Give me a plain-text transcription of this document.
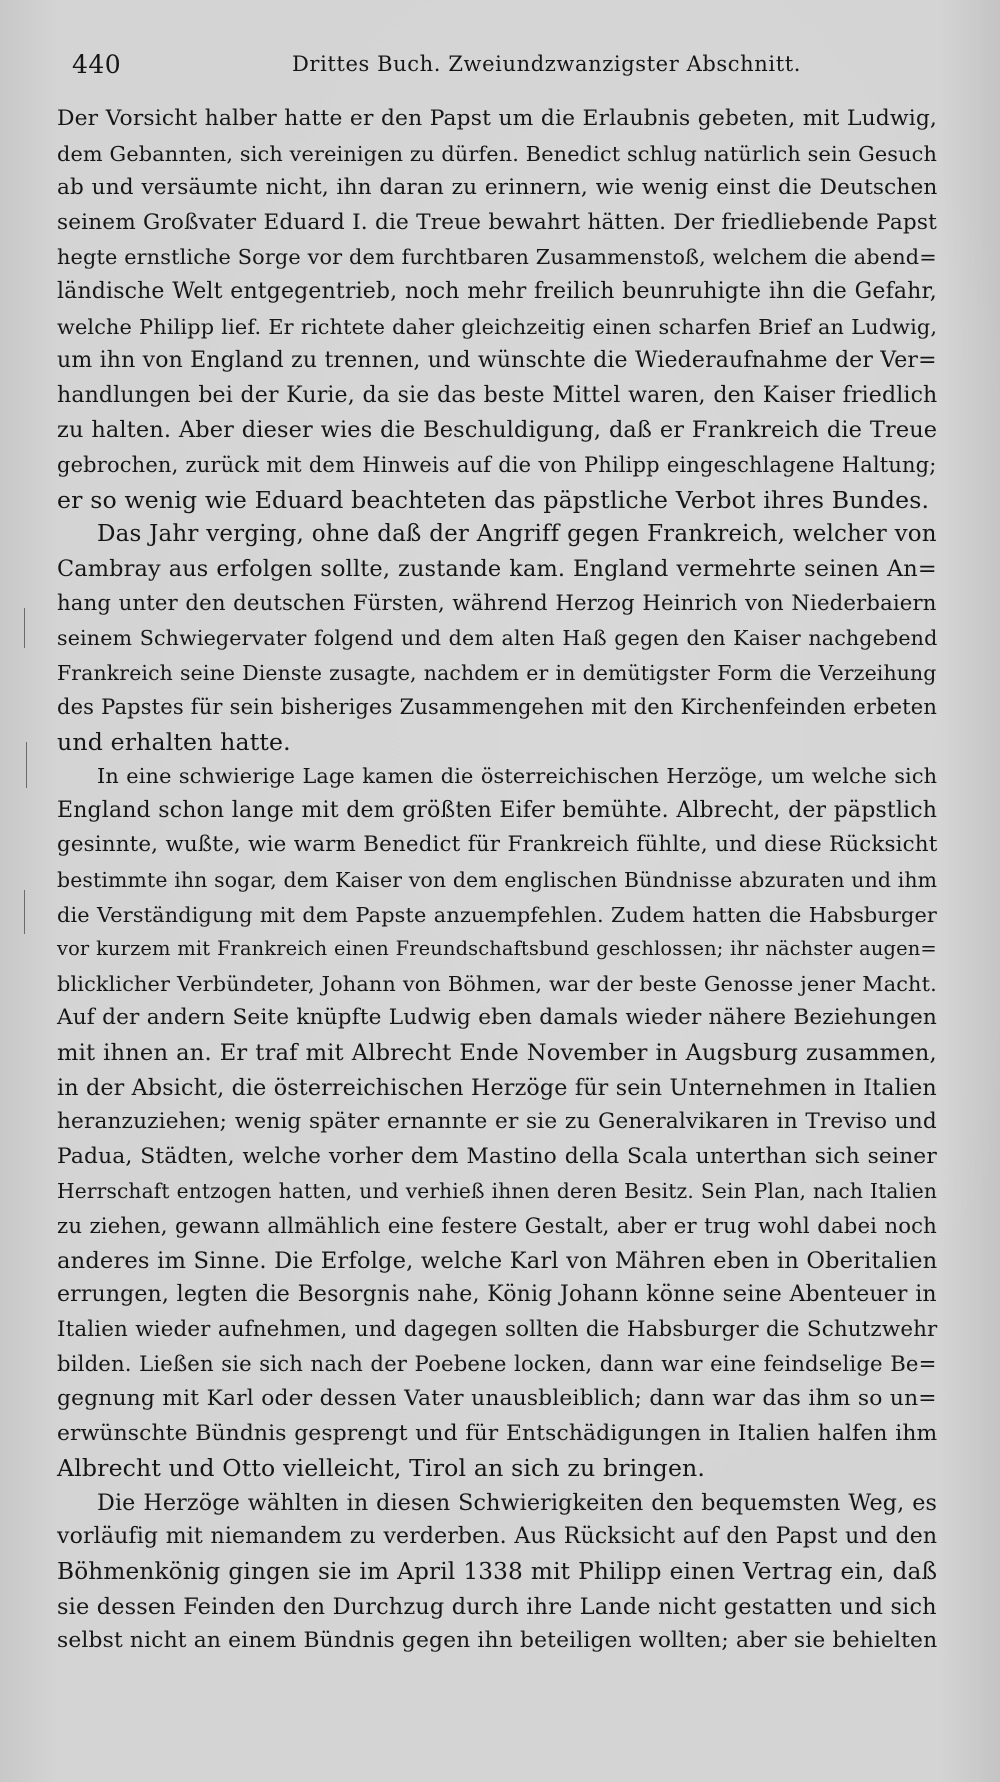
440	Drittes Buch. Zweiundzwanzigster Abschnitt.
Der Vorsicht halber hatte er den Papst um die Erlaubnis gebeten, mit Ludwig,
dem Gebannten, sich vereinigen zu dürfen. Benedict schlug natürlich sein Gesuch
ab und versäumte nicht, ihn daran zu erinnern, wie wenig einst die Deutschen
seinem Großvater Eduard I. die Treue bewahrt hätten. Der friedliebende Papst
hegte ernstliche Sorge vor dem furchtbaren Zusammenstoß, welchem die abend=
ländische Welt entgegentrieb, noch mehr freilich beunruhigte ihn die Gefahr,
welche Philipp lief. Er richtete daher gleichzeitig einen scharfen Brief an Ludwig,
um ihn von England zu trennen, und wünschte die Wiederaufnahme der Ver=
handlungen bei der Kurie, da sie das beste Mittel waren, den Kaiser friedlich
zu halten. Aber dieser wies die Beschuldigung, daß er Frankreich die Treue
gebrochen, zurück mit dem Hinweis auf die von Philipp eingeschlagene Haltung;
er so wenig wie Eduard beachteten das päpstliche Verbot ihres Bundes.
Das Jahr verging, ohne daß der Angriff gegen Frankreich, welcher von
Cambray aus erfolgen sollte, zustande kam. England vermehrte seinen An=
hang unter den deutschen Fürsten, während Herzog Heinrich von Niederbaiern
seinem Schwiegervater folgend und dem alten Haß gegen den Kaiser nachgebend
Frankreich seine Dienste zusagte, nachdem er in demütigster Form die Verzeihung
des Papstes für sein bisheriges Zusammengehen mit den Kirchenfeinden erbeten
und erhalten hatte.
In eine schwierige Lage kamen die österreichischen Herzöge, um welche sich
England schon lange mit dem größten Eifer bemühte. Albrecht, der päpstlich
gesinnte, wußte, wie warm Benedict für Frankreich fühlte, und diese Rücksicht
bestimmte ihn sogar, dem Kaiser von dem englischen Bündnisse abzuraten und ihm
die Verständigung mit dem Papste anzuempfehlen. Zudem hatten die Habsburger
vor kurzem mit Frankreich einen Freundschaftsbund geschlossen; ihr nächster augen=
blicklicher Verbündeter, Johann von Böhmen, war der beste Genosse jener Macht.
Auf der andern Seite knüpfte Ludwig eben damals wieder nähere Beziehungen
mit ihnen an. Er traf mit Albrecht Ende November in Augsburg zusammen,
in der Absicht, die österreichischen Herzöge für sein Unternehmen in Italien
heranzuziehen; wenig später ernannte er sie zu Generalvikaren in Treviso und
Padua, Städten, welche vorher dem Mastino della Scala unterthan sich seiner
Herrschaft entzogen hatten, und verhieß ihnen deren Besitz. Sein Plan, nach Italien
zu ziehen, gewann allmählich eine festere Gestalt, aber er trug wohl dabei noch
anderes im Sinne. Die Erfolge, welche Karl von Mähren eben in Oberitalien
errungen, legten die Besorgnis nahe, König Johann könne seine Abenteuer in
Italien wieder aufnehmen, und dagegen sollten die Habsburger die Schutzwehr
bilden. Ließen sie sich nach der Poebene locken, dann war eine feindselige Be=
gegnung mit Karl oder dessen Vater unausbleiblich; dann war das ihm so un=
erwünschte Bündnis gesprengt und für Entschädigungen in Italien halfen ihm
Albrecht und Otto vielleicht, Tirol an sich zu bringen.
Die Herzöge wählten in diesen Schwierigkeiten den bequemsten Weg, es
vorläufig mit niemandem zu verderben. Aus Rücksicht auf den Papst und den
Böhmenkönig gingen sie im April 1338 mit Philipp einen Vertrag ein, daß
sie dessen Feinden den Durchzug durch ihre Lande nicht gestatten und sich
selbst nicht an einem Bündnis gegen ihn beteiligen wollten; aber sie behielten
